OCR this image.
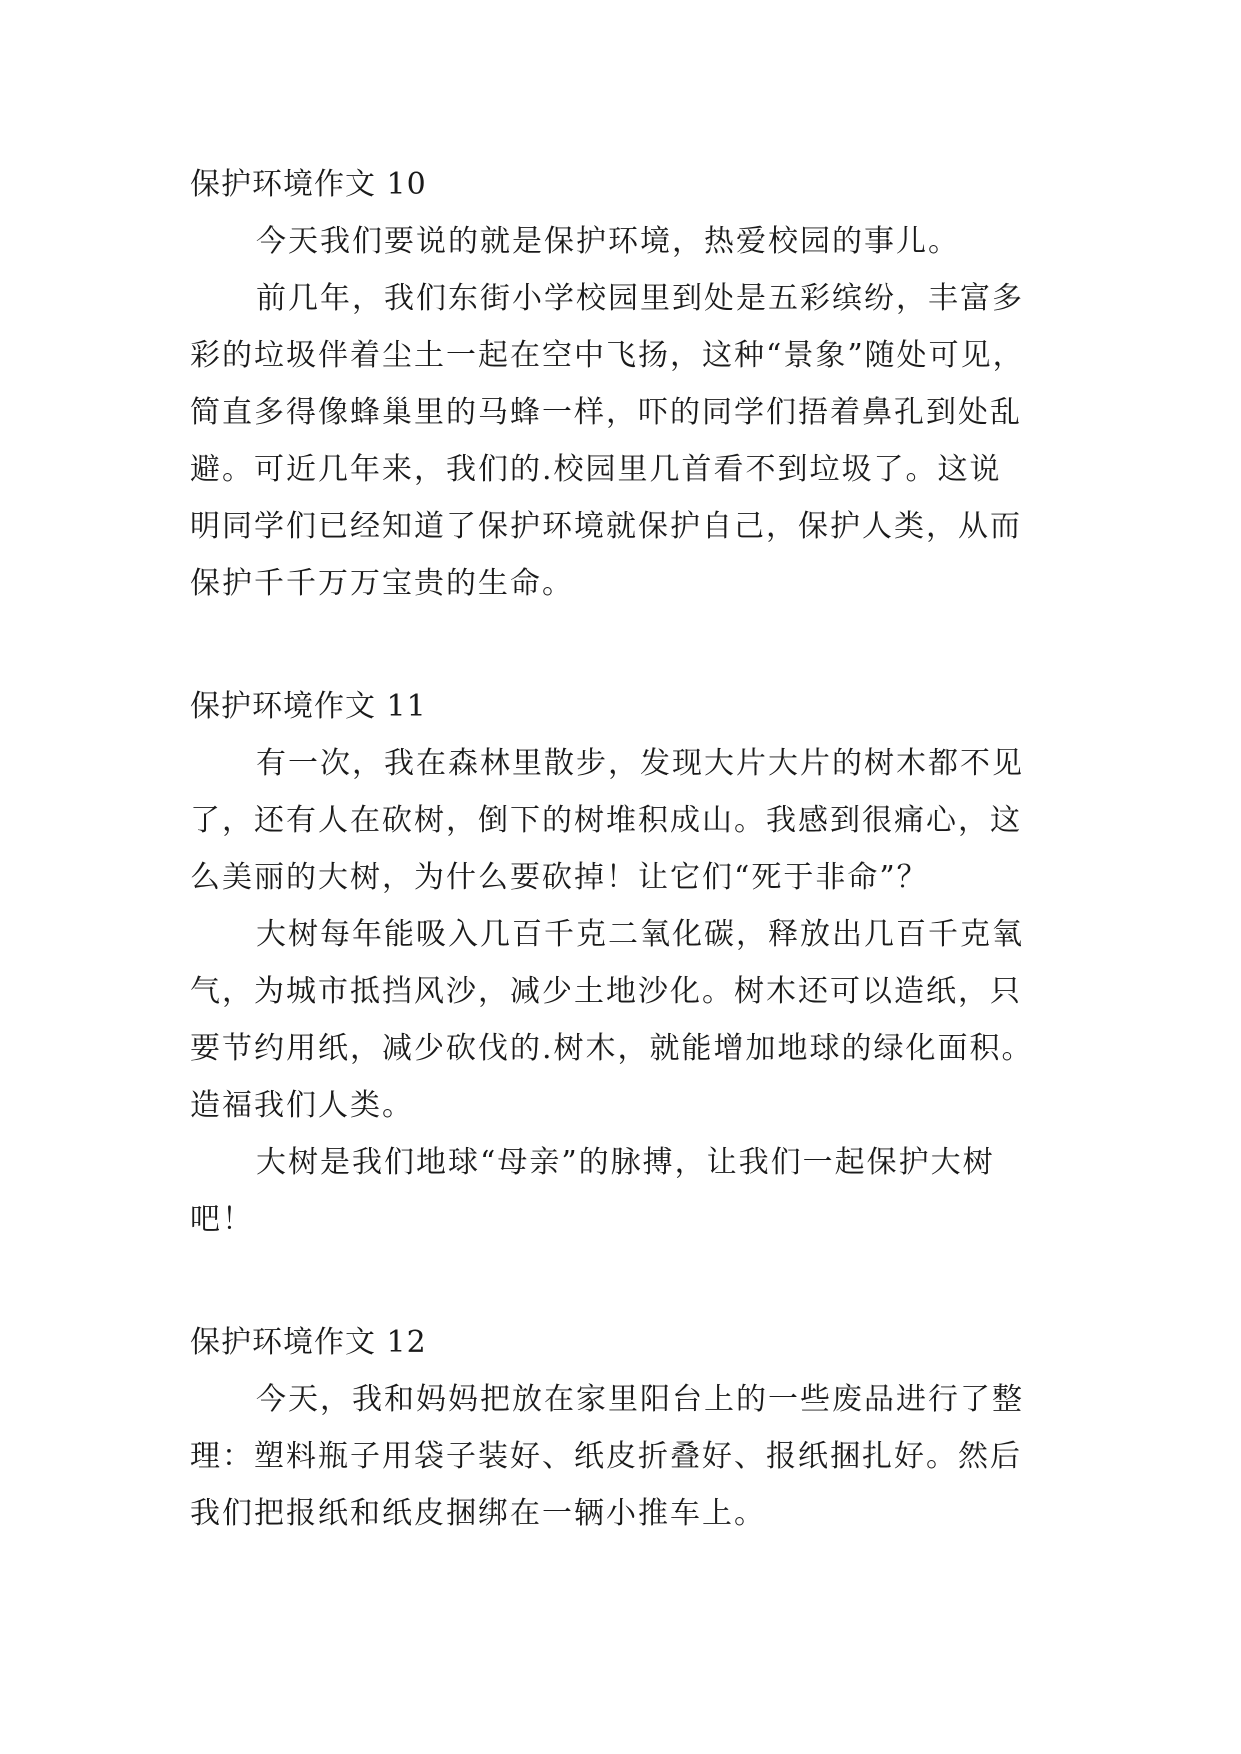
保护环境作文 10
今天我们要说的就是保护环境，热爱校园的事儿。
前几年，我们东街小学校园里到处是五彩缤纷，丰富多
彩的垃圾伴着尘土一起在空中飞扬，这种“景象”随处可见，
简直多得像蜂巢里的马蜂一样，吓的同学们捂着鼻孔到处乱
避。可近几年来，我们的.校园里几首看不到垃圾了。这说
明同学们已经知道了保护环境就保护自己，保护人类，从而
保护千千万万宝贵的生命。
保护环境作文 11
有一次，我在森林里散步，发现大片大片的树木都不见
了，还有人在砍树，倒下的树堆积成山。我感到很痛心，这
么美丽的大树，为什么要砍掉！让它们“死于非命”？
大树每年能吸入几百千克二氧化碳，释放出几百千克氧
气，为城市抵挡风沙，减少土地沙化。树木还可以造纸，只
要节约用纸，减少砍伐的.树木，就能增加地球的绿化面积。
造福我们人类。
大树是我们地球“母亲”的脉搏，让我们一起保护大树
吧！
保护环境作文 12
今天，我和妈妈把放在家里阳台上的一些废品进行了整
理：塑料瓶子用袋子装好、纸皮折叠好、报纸捆扎好。然后
我们把报纸和纸皮捆绑在一辆小推车上。
